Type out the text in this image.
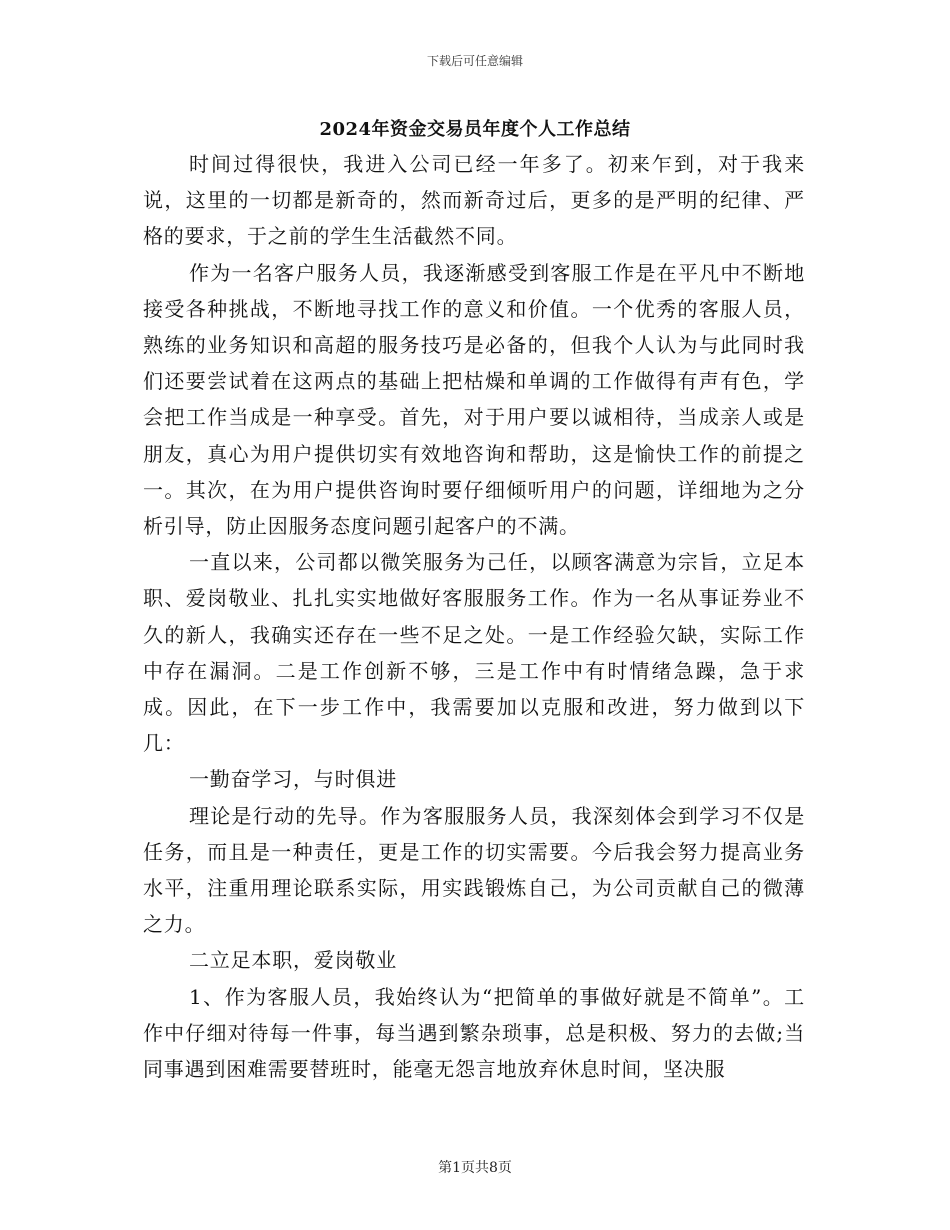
下载后可任意编辑
2024年资金交易员年度个人工作总结

时间过得很快，我进入公司已经一年多了。初来乍到，对于我来说，这里的一切都是新奇的，然而新奇过后，更多的是严明的纪律、严格的要求，于之前的学生生活截然不同。

作为一名客户服务人员，我逐渐感受到客服工作是在平凡中不断地接受各种挑战，不断地寻找工作的意义和价值。一个优秀的客服人员，熟练的业务知识和高超的服务技巧是必备的，但我个人认为与此同时我们还要尝试着在这两点的基础上把枯燥和单调的工作做得有声有色，学会把工作当成是一种享受。首先，对于用户要以诚相待，当成亲人或是朋友，真心为用户提供切实有效地咨询和帮助，这是愉快工作的前提之一。其次，在为用户提供咨询时要仔细倾听用户的问题，详细地为之分析引导，防止因服务态度问题引起客户的不满。

一直以来，公司都以微笑服务为己任，以顾客满意为宗旨，立足本职、爱岗敬业、扎扎实实地做好客服服务工作。作为一名从事证券业不久的新人，我确实还存在一些不足之处。一是工作经验欠缺，实际工作中存在漏洞。二是工作创新不够，三是工作中有时情绪急躁，急于求成。因此，在下一步工作中，我需要加以克服和改进，努力做到以下几：

一勤奋学习，与时俱进

理论是行动的先导。作为客服服务人员，我深刻体会到学习不仅是任务，而且是一种责任，更是工作的切实需要。今后我会努力提高业务水平，注重用理论联系实际，用实践锻炼自己，为公司贡献自己的微薄之力。

二立足本职，爱岗敬业

1、作为客服人员，我始终认为“把简单的事做好就是不简单”。工作中仔细对待每一件事，每当遇到繁杂琐事，总是积极、努力的去做;当同事遇到困难需要替班时，能毫无怨言地放弃休息时间，坚决服

第1页共8页
